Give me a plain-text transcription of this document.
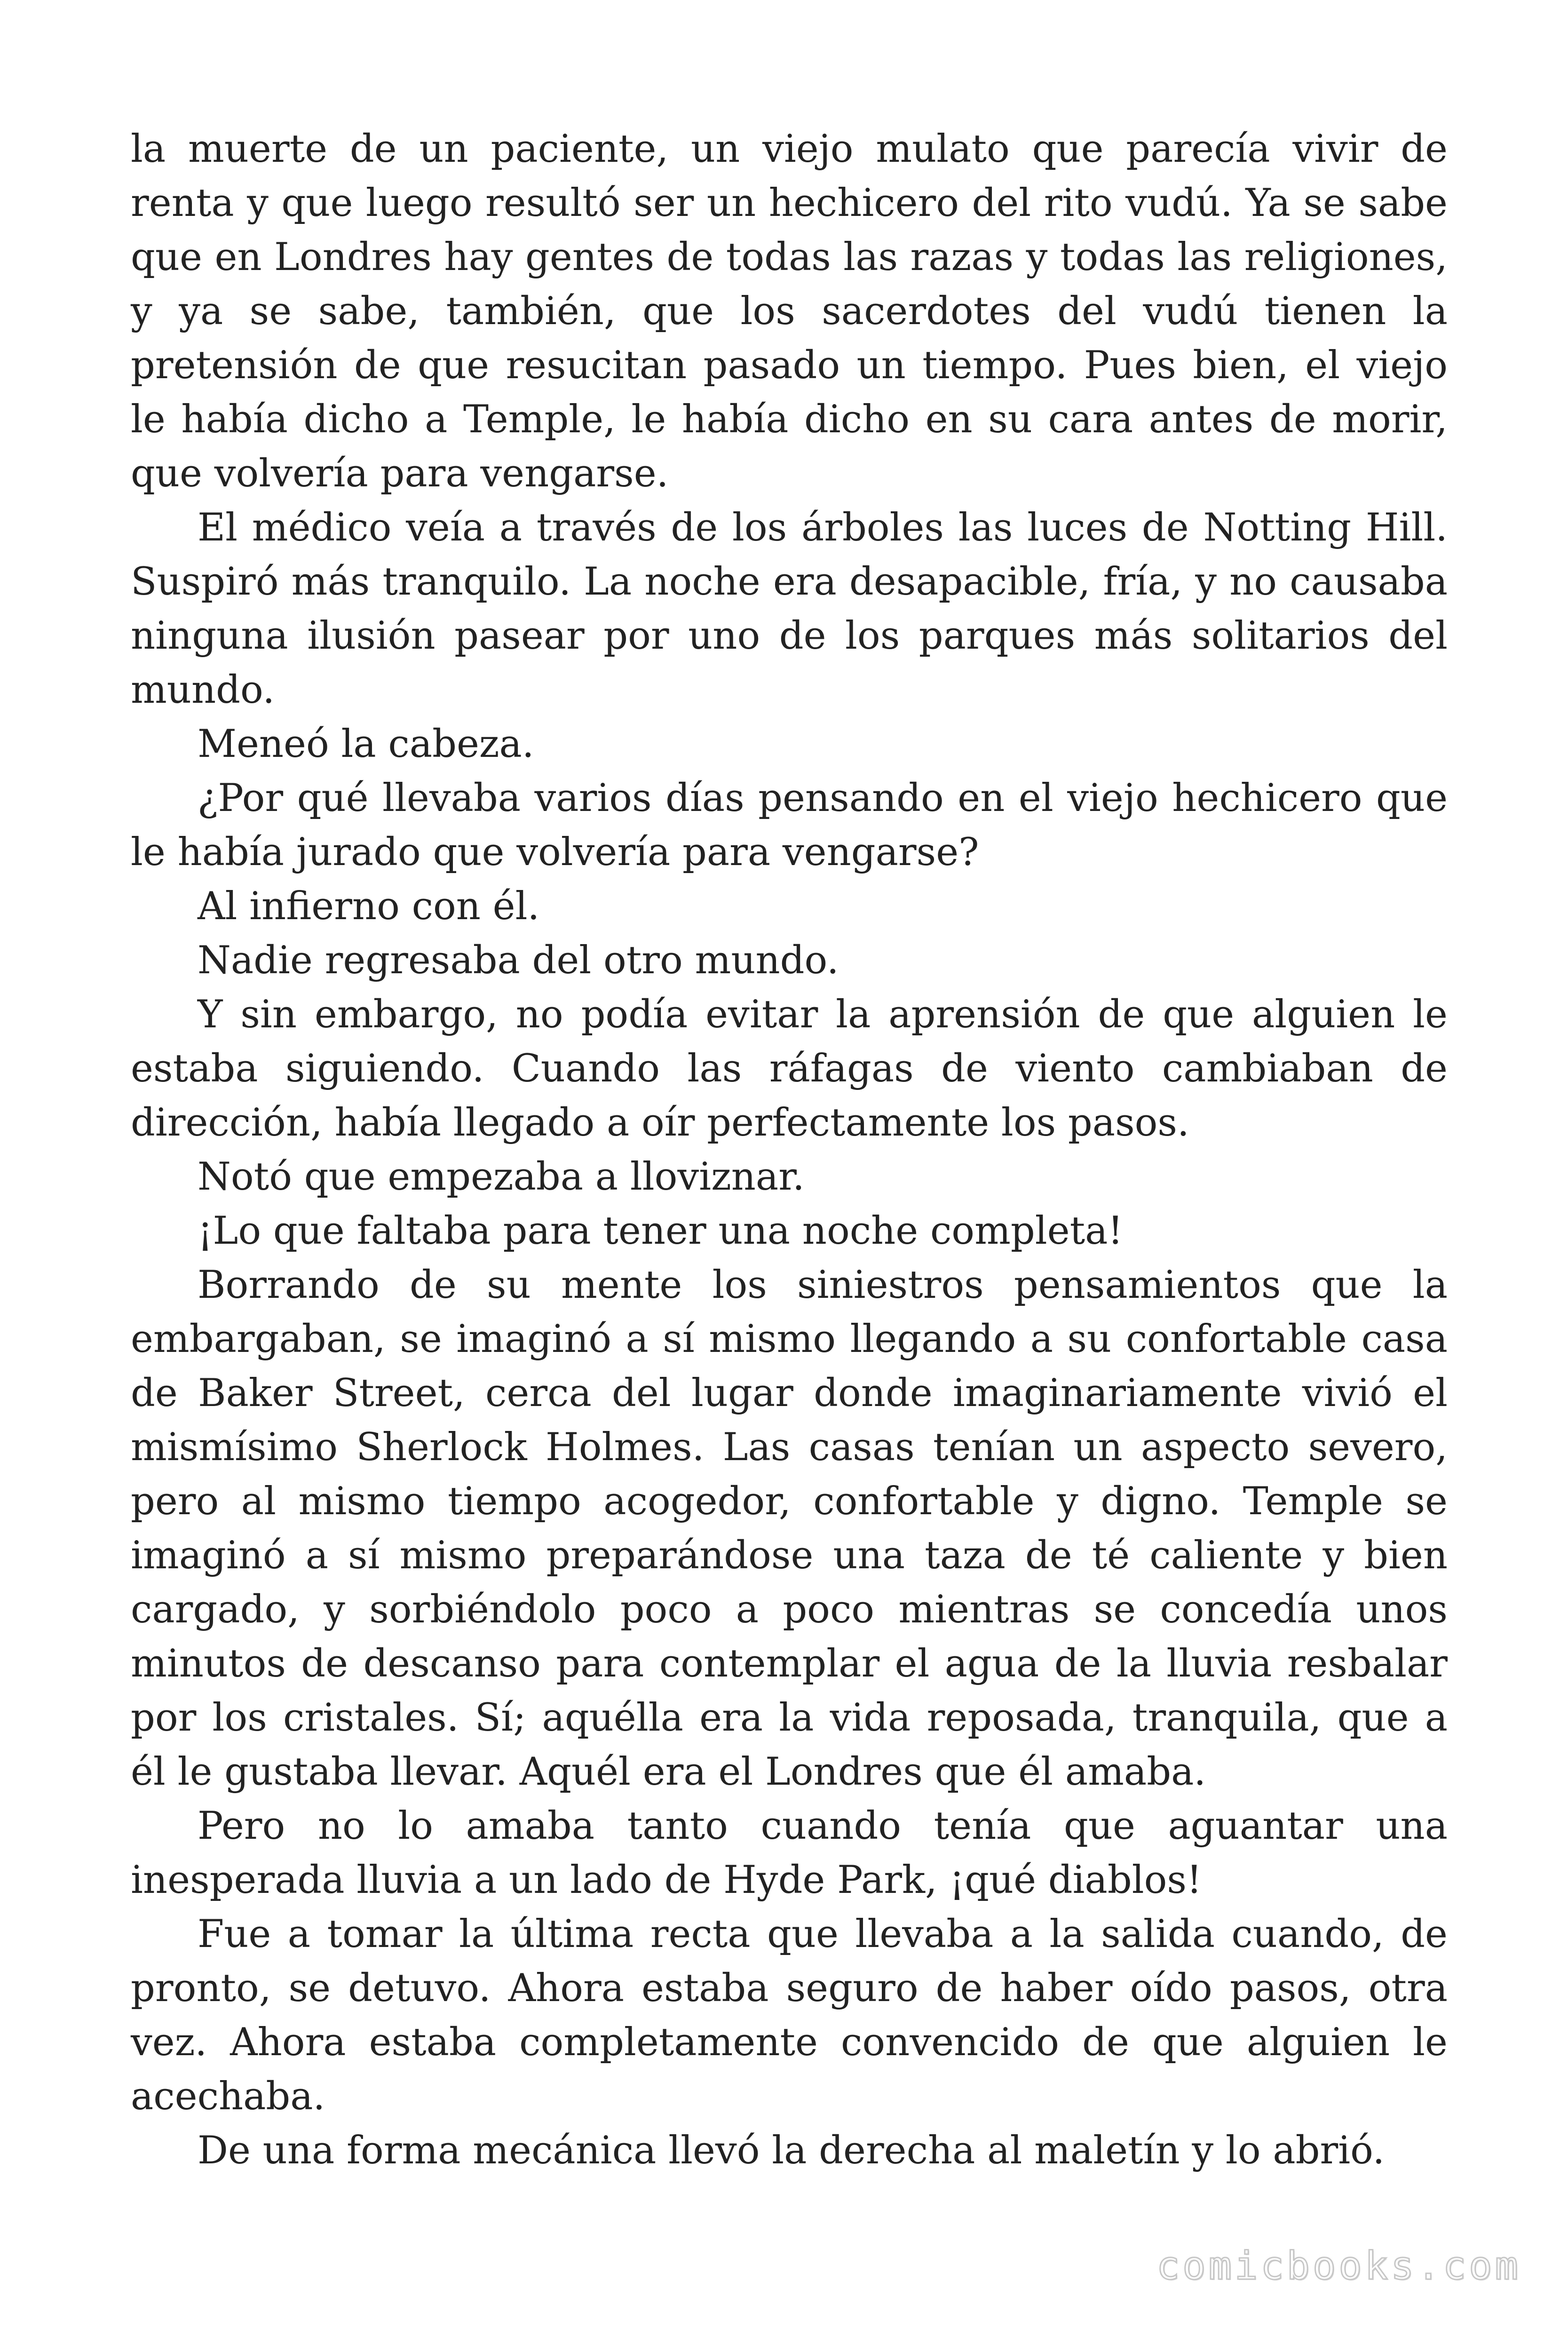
la muerte de un paciente, un viejo mulato que parecía vivir de renta y que luego resultó ser un hechicero del rito vudú. Ya se sabe que en Londres hay gentes de todas las razas y todas las religiones, y ya se sabe, también, que los sacerdotes del vudú tienen la pretensión de que resucitan pasado un tiempo. Pues bien, el viejo le había dicho a Temple, le había dicho en su cara antes de morir, que volvería para vengarse.

El médico veía a través de los árboles las luces de Notting Hill. Suspiró más tranquilo. La noche era desapacible, fría, y no causaba ninguna ilusión pasear por uno de los parques más solitarios del mundo.

Meneó la cabeza.

¿Por qué llevaba varios días pensando en el viejo hechicero que le había jurado que volvería para vengarse?

Al infierno con él.

Nadie regresaba del otro mundo.

Y sin embargo, no podía evitar la aprensión de que alguien le estaba siguiendo. Cuando las ráfagas de viento cambiaban de dirección, había llegado a oír perfectamente los pasos.

Notó que empezaba a lloviznar.

¡Lo que faltaba para tener una noche completa!

Borrando de su mente los siniestros pensamientos que la embargaban, se imaginó a sí mismo llegando a su confortable casa de Baker Street, cerca del lugar donde imaginariamente vivió el mismísimo Sherlock Holmes. Las casas tenían un aspecto severo, pero al mismo tiempo acogedor, confortable y digno. Temple se imaginó a sí mismo preparándose una taza de té caliente y bien cargado, y sorbiéndolo poco a poco mientras se concedía unos minutos de descanso para contemplar el agua de la lluvia resbalar por los cristales. Sí; aquélla era la vida reposada, tranquila, que a él le gustaba llevar. Aquél era el Londres que él amaba.

Pero no lo amaba tanto cuando tenía que aguantar una inesperada lluvia a un lado de Hyde Park, ¡qué diablos!

Fue a tomar la última recta que llevaba a la salida cuando, de pronto, se detuvo. Ahora estaba seguro de haber oído pasos, otra vez. Ahora estaba completamente convencido de que alguien le acechaba.

De una forma mecánica llevó la derecha al maletín y lo abrió.

comicbooks.com
